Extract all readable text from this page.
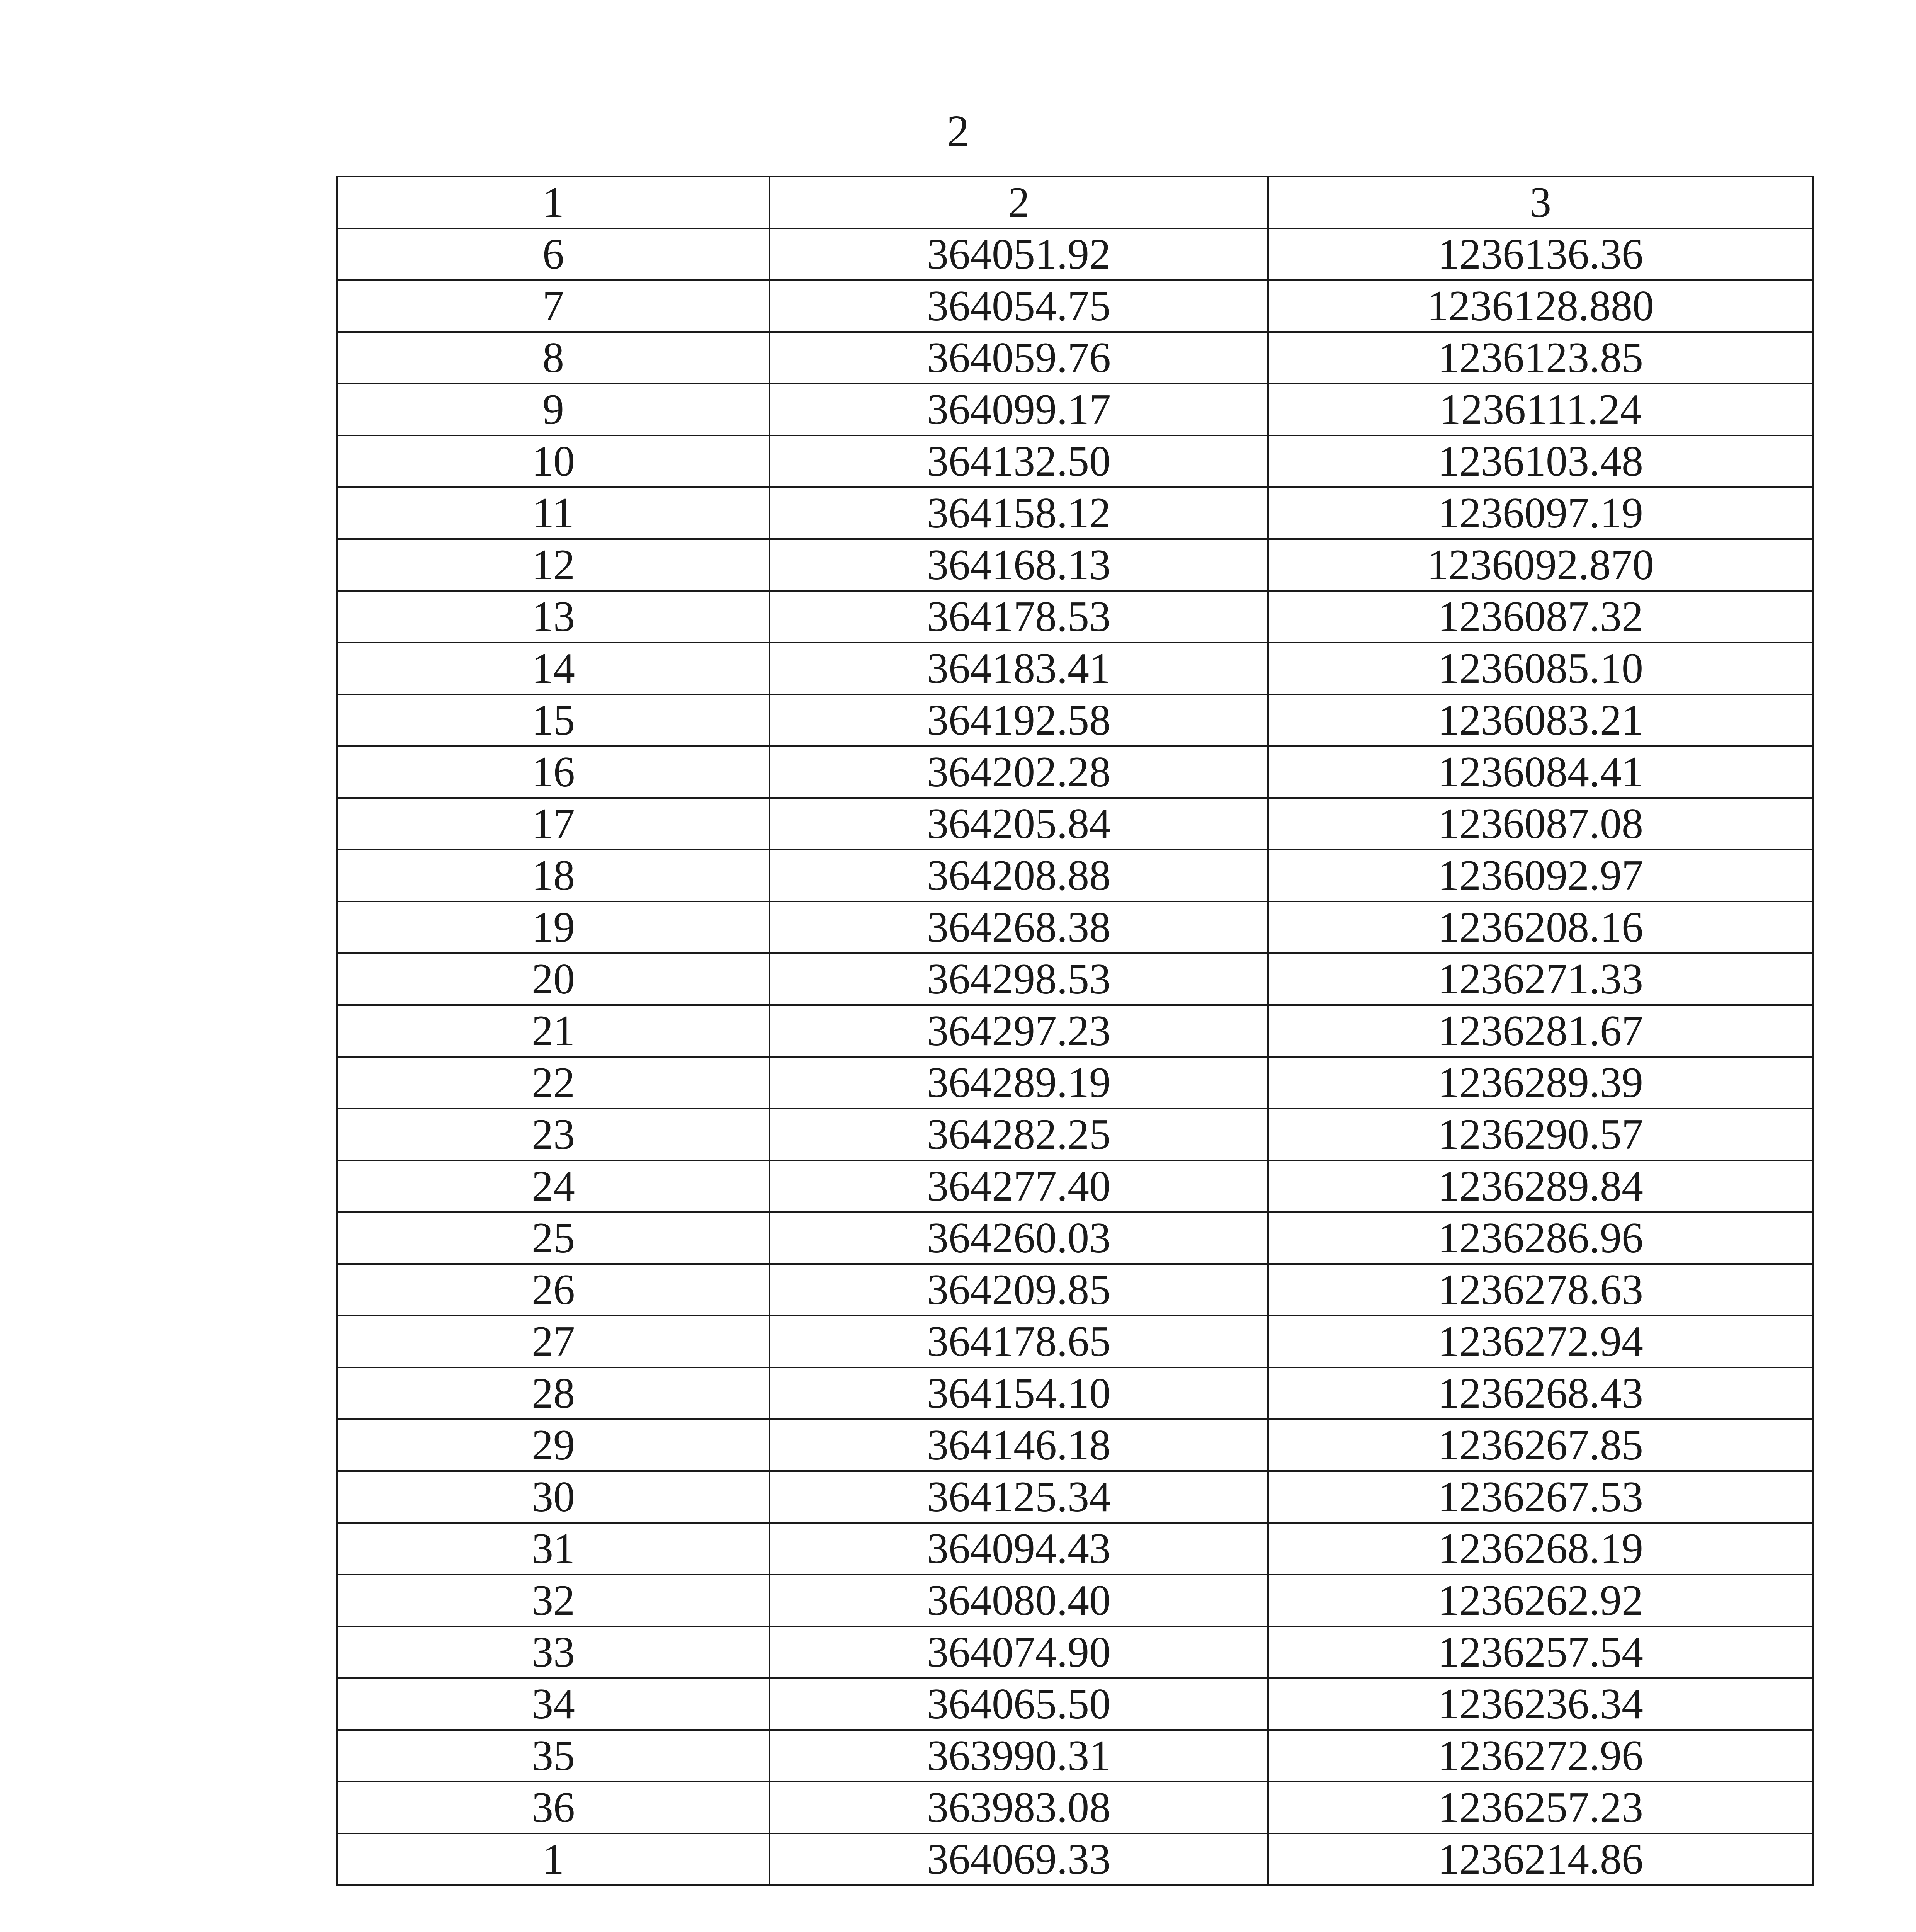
2
1	2	3
6	364051.92	1236136.36
7	364054.75	1236128.880
8	364059.76	1236123.85
9	364099.17	1236111.24
10	364132.50	1236103.48
11	364158.12	1236097.19
12	364168.13	1236092.870
13	364178.53	1236087.32
14	364183.41	1236085.10
15	364192.58	1236083.21
16	364202.28	1236084.41
17	364205.84	1236087.08
18	364208.88	1236092.97
19	364268.38	1236208.16
20	364298.53	1236271.33
21	364297.23	1236281.67
22	364289.19	1236289.39
23	364282.25	1236290.57
24	364277.40	1236289.84
25	364260.03	1236286.96
26	364209.85	1236278.63
27	364178.65	1236272.94
28	364154.10	1236268.43
29	364146.18	1236267.85
30	364125.34	1236267.53
31	364094.43	1236268.19
32	364080.40	1236262.92
33	364074.90	1236257.54
34	364065.50	1236236.34
35	363990.31	1236272.96
36	363983.08	1236257.23
1	364069.33	1236214.86
